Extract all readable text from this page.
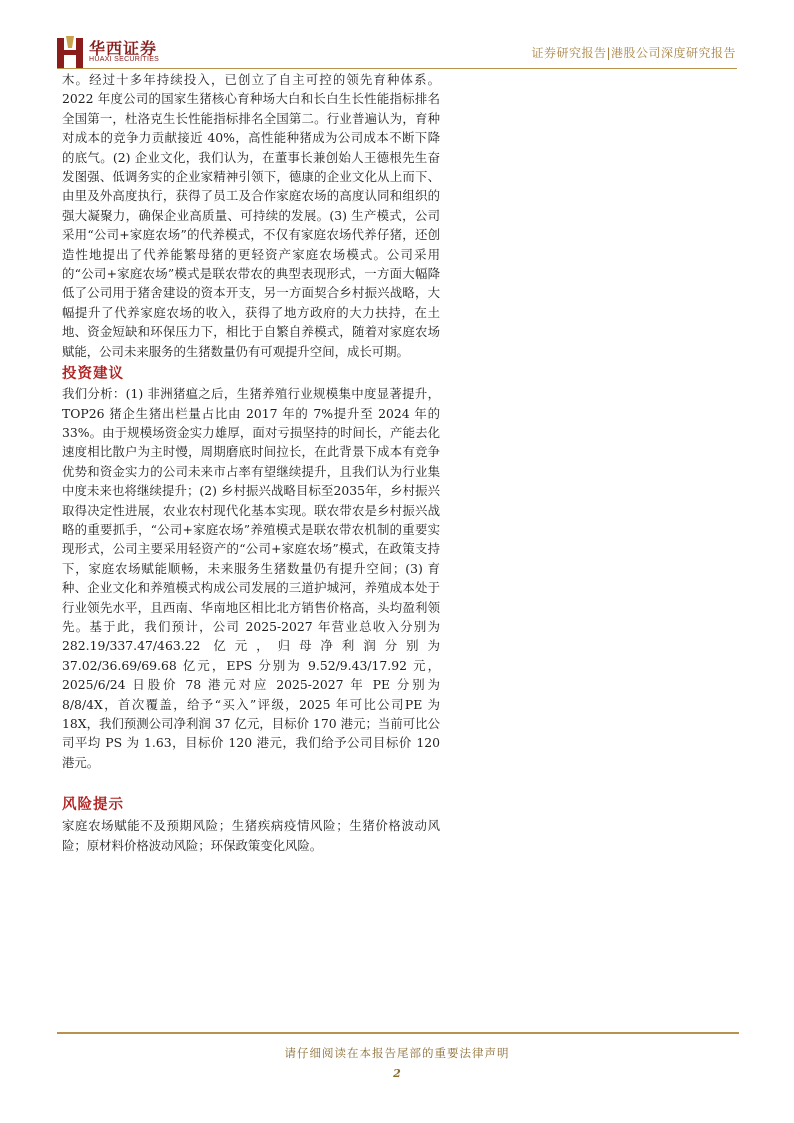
华西证券
HUAXI SECURITIES	证券研究报告|港股公司深度研究报告

木。经过十多年持续投入，已创立了自主可控的领先育种体系。2022 年度公司的国家生猪核心育种场大白和长白生长性能指标排名全国第一，杜洛克生长性能指标排名全国第二。行业普遍认为，育种对成本的竞争力贡献接近 40%，高性能种猪成为公司成本不断下降的底气。(2) 企业文化，我们认为，在董事长兼创始人王德根先生奋发图强、低调务实的企业家精神引领下，德康的企业文化从上而下、由里及外高度执行，获得了员工及合作家庭农场的高度认同和组织的强大凝聚力，确保企业高质量、可持续的发展。(3) 生产模式，公司采用“公司+家庭农场”的代养模式，不仅有家庭农场代养仔猪，还创造性地提出了代养能繁母猪的更轻资产家庭农场模式。公司采用的“公司+家庭农场”模式是联农带农的典型表现形式，一方面大幅降低了公司用于猪舍建设的资本开支，另一方面契合乡村振兴战略，大幅提升了代养家庭农场的收入，获得了地方政府的大力扶持，在土地、资金短缺和环保压力下，相比于自繁自养模式，随着对家庭农场赋能，公司未来服务的生猪数量仍有可观提升空间，成长可期。

投资建议

我们分析：(1) 非洲猪瘟之后，生猪养殖行业规模集中度显著提升，TOP26 猪企生猪出栏量占比由 2017 年的 7%提升至 2024 年的 33%。由于规模场资金实力雄厚，面对亏损坚持的时间长，产能去化速度相比散户为主时慢，周期磨底时间拉长，在此背景下成本有竞争优势和资金实力的公司未来市占率有望继续提升，且我们认为行业集中度未来也将继续提升；(2) 乡村振兴战略目标至2035年，乡村振兴取得决定性进展，农业农村现代化基本实现。联农带农是乡村振兴战略的重要抓手，“公司+家庭农场”养殖模式是联农带农机制的重要实现形式，公司主要采用轻资产的“公司+家庭农场”模式，在政策支持下，家庭农场赋能顺畅，未来服务生猪数量仍有提升空间；(3) 育种、企业文化和养殖模式构成公司发展的三道护城河，养殖成本处于行业领先水平，且西南、华南地区相比北方销售价格高，头均盈利领先。基于此，我们预计，公司 2025-2027 年营业总收入分别为 282.19/337.47/463.22 亿元，归母净利润分别为 37.02/36.69/69.68 亿元，EPS 分别为 9.52/9.43/17.92 元，2025/6/24 日股价 78 港元对应 2025-2027 年 PE 分别为 8/8/4X，首次覆盖，给予“买入”评级，2025 年可比公司PE 为 18X，我们预测公司净利润 37 亿元，目标价 170 港元；当前可比公司平均 PS 为 1.63，目标价 120 港元，我们给予公司目标价 120 港元。

风险提示

家庭农场赋能不及预期风险；生猪疾病疫情风险；生猪价格波动风险；原材料价格波动风险；环保政策变化风险。

请仔细阅读在本报告尾部的重要法律声明
2
